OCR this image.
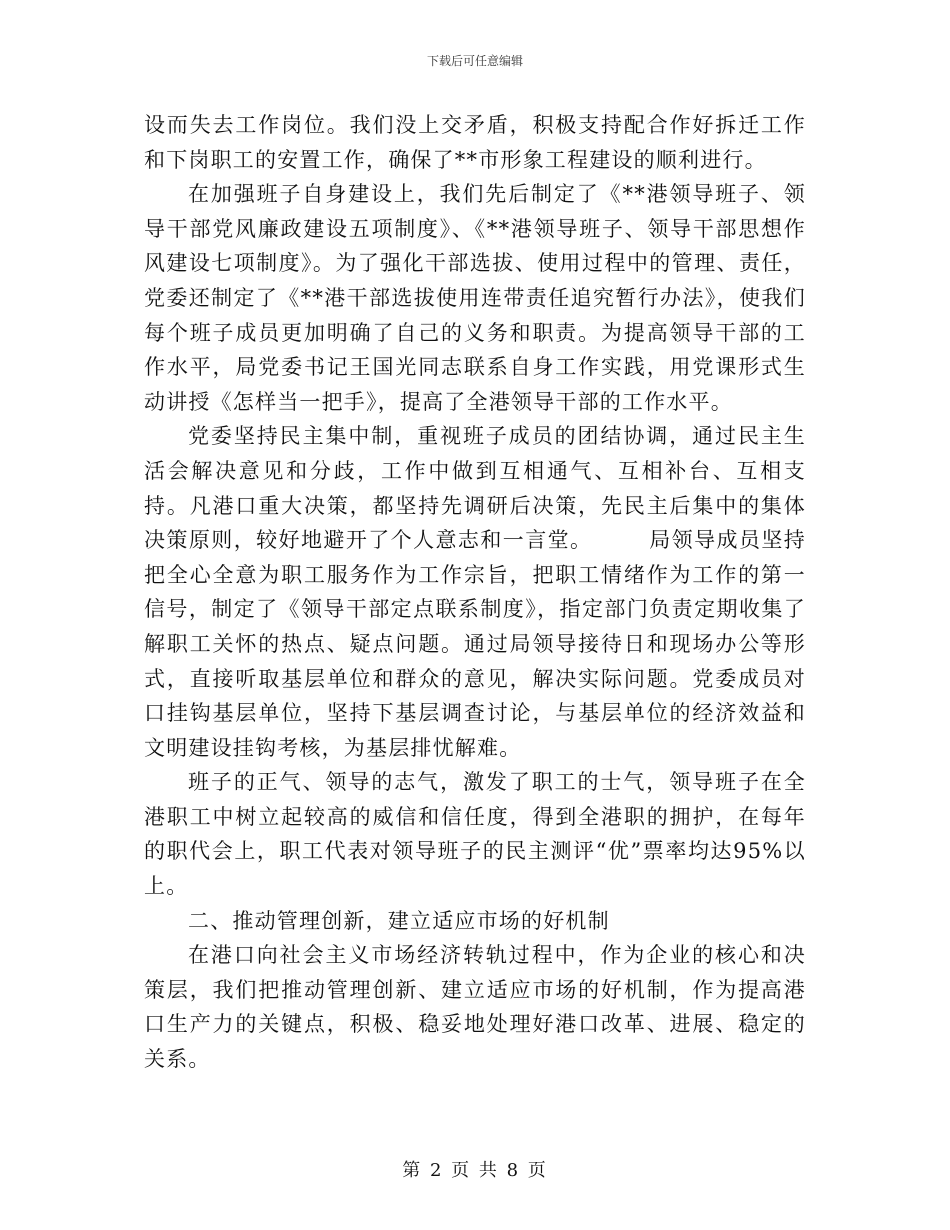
下载后可任意编辑

设而失去工作岗位。我们没上交矛盾，积极支持配合作好拆迁工作和下岗职工的安置工作，确保了**市形象工程建设的顺利进行。

在加强班子自身建设上，我们先后制定了《**港领导班子、领导干部党风廉政建设五项制度》、《**港领导班子、领导干部思想作风建设七项制度》。为了强化干部选拔、使用过程中的管理、责任，党委还制定了《**港干部选拔使用连带责任追究暂行办法》，使我们每个班子成员更加明确了自己的义务和职责。为提高领导干部的工作水平，局党委书记王国光同志联系自身工作实践，用党课形式生动讲授《怎样当一把手》，提高了全港领导干部的工作水平。

党委坚持民主集中制，重视班子成员的团结协调，通过民主生活会解决意见和分歧，工作中做到互相通气、互相补台、互相支持。凡港口重大决策，都坚持先调研后决策，先民主后集中的集体决策原则，较好地避开了个人意志和一言堂。　　　局领导成员坚持把全心全意为职工服务作为工作宗旨，把职工情绪作为工作的第一信号，制定了《领导干部定点联系制度》，指定部门负责定期收集了解职工关怀的热点、疑点问题。通过局领导接待日和现场办公等形式，直接听取基层单位和群众的意见，解决实际问题。党委成员对口挂钩基层单位，坚持下基层调查讨论，与基层单位的经济效益和文明建设挂钩考核，为基层排忧解难。

班子的正气、领导的志气，激发了职工的士气，领导班子在全港职工中树立起较高的威信和信任度，得到全港职的拥护，在每年的职代会上，职工代表对领导班子的民主测评“优”票率均达95%以上。

二、推动管理创新，建立适应市场的好机制

在港口向社会主义市场经济转轨过程中，作为企业的核心和决策层，我们把推动管理创新、建立适应市场的好机制，作为提高港口生产力的关键点，积极、稳妥地处理好港口改革、进展、稳定的关系。

第 2 页 共 8 页
